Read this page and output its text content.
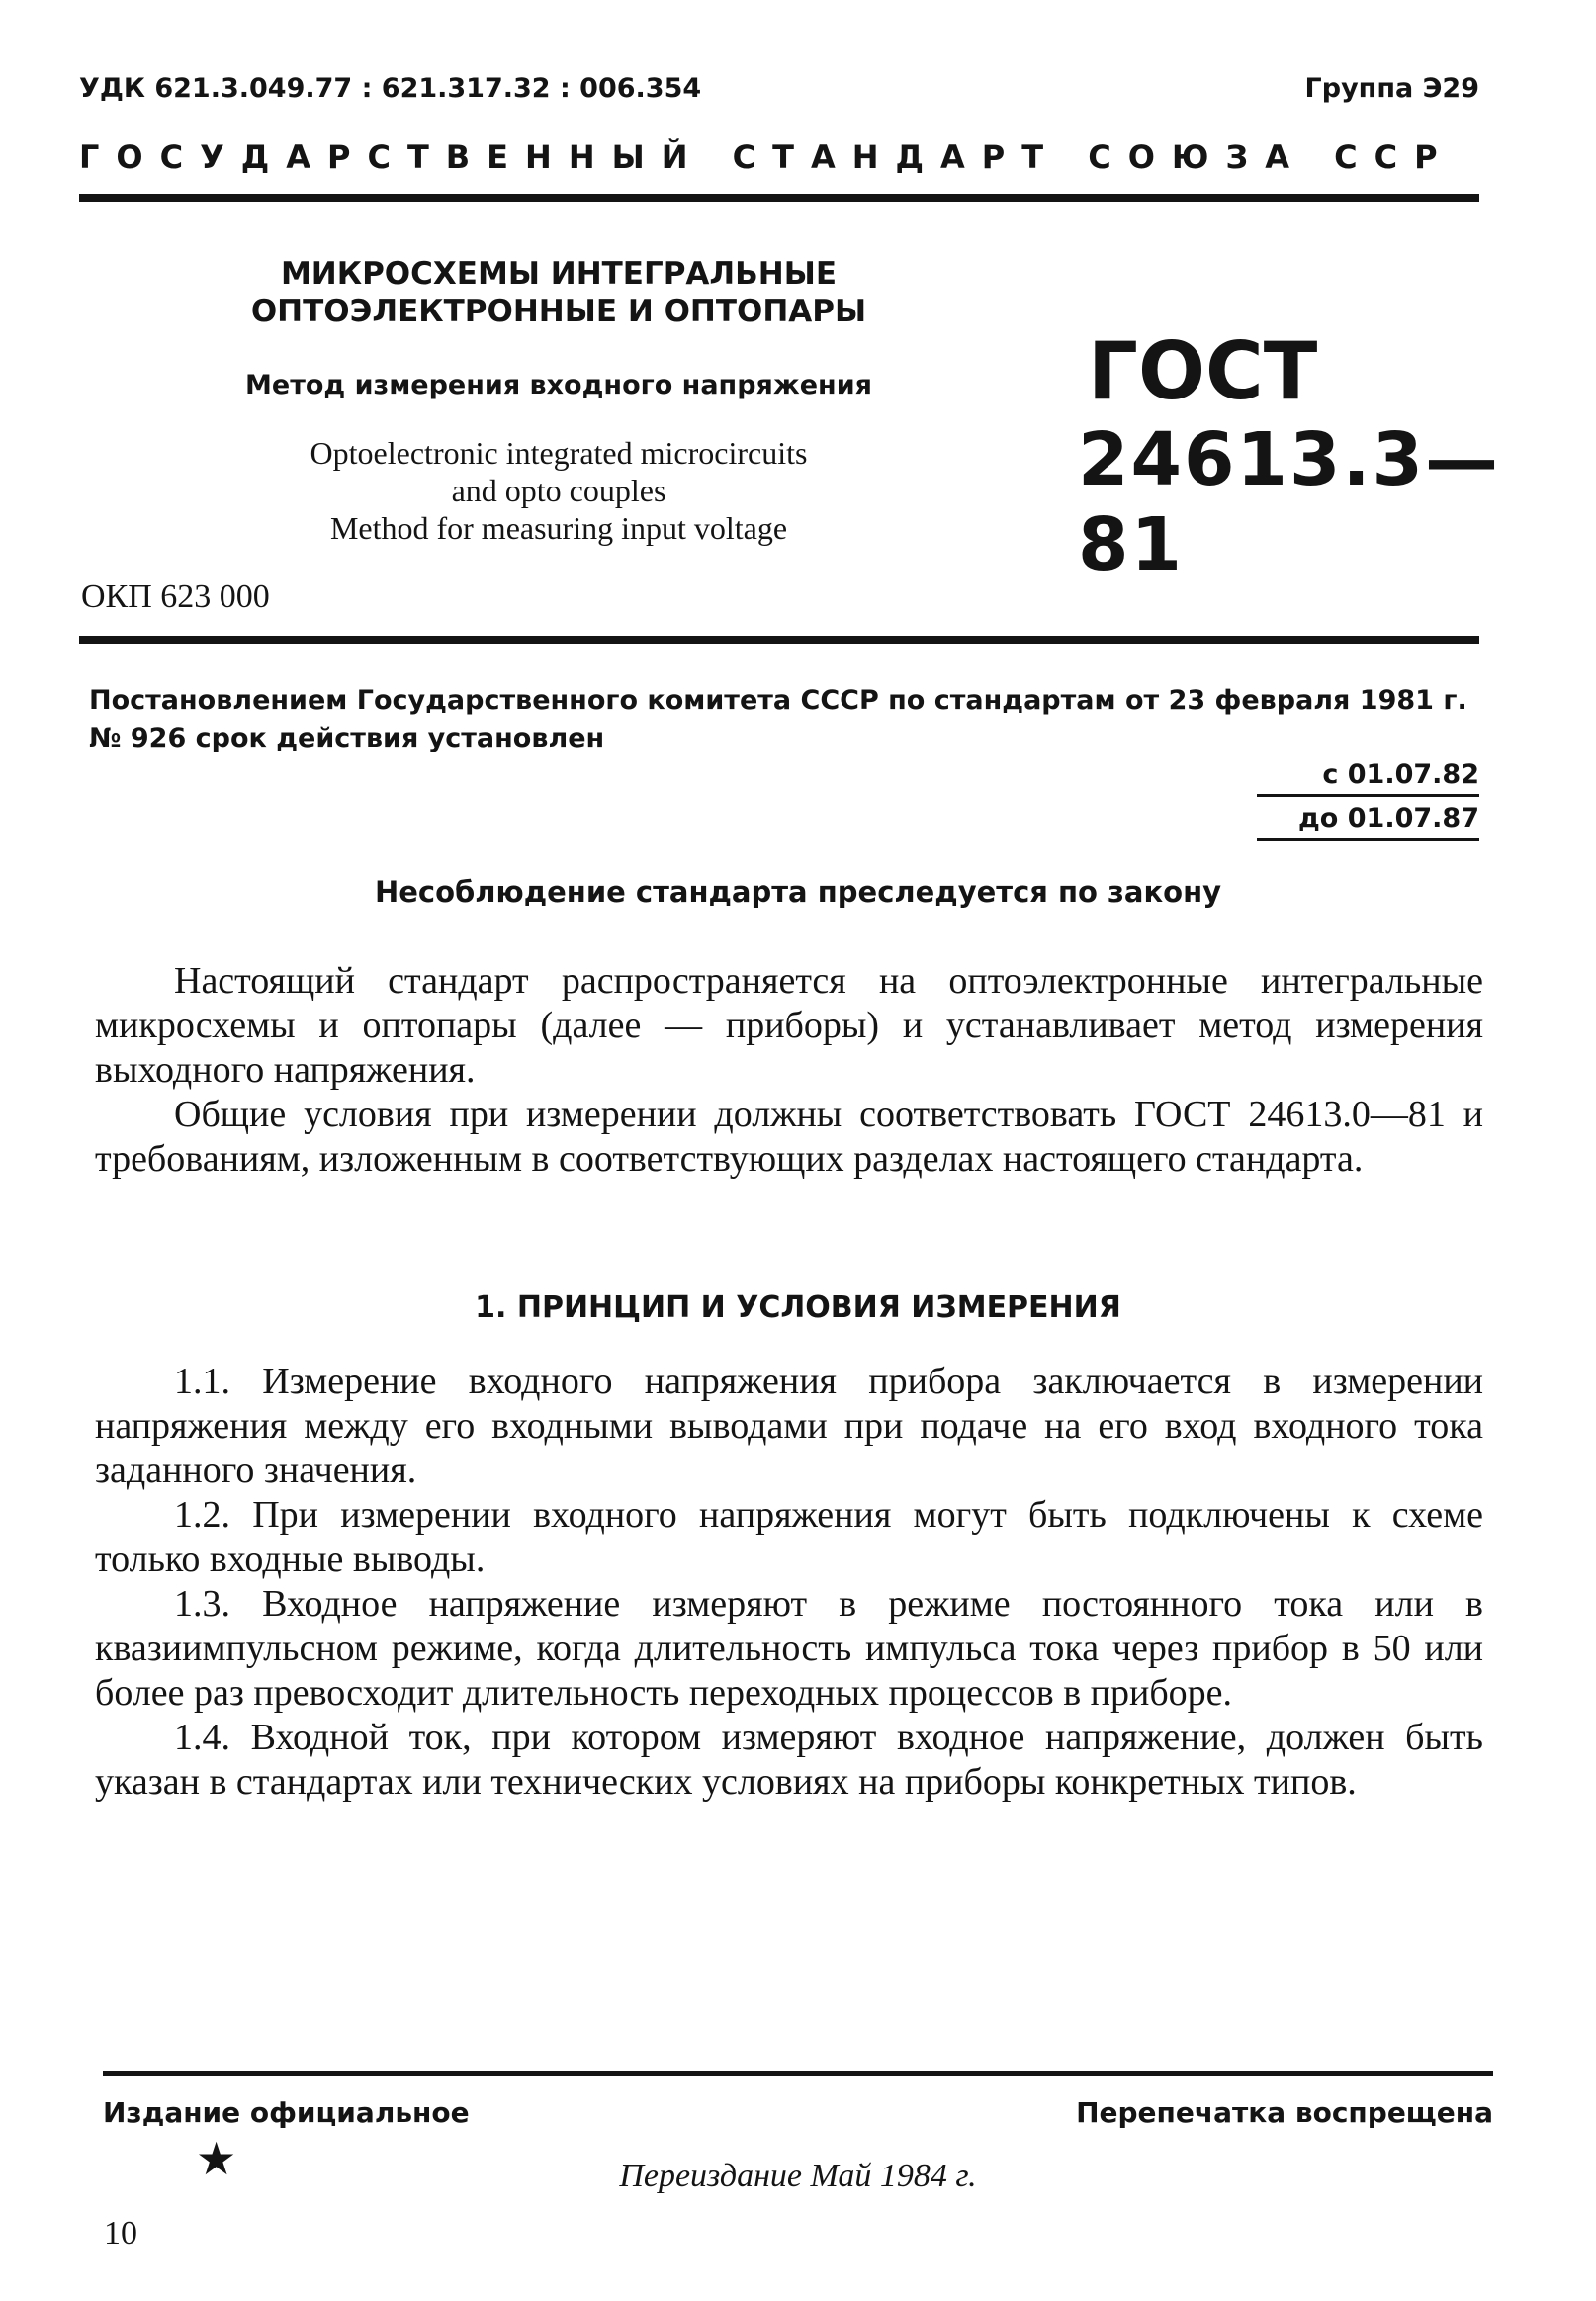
УДК 621.3.049.77 : 621.317.32 : 006.354	Группа Э29
ГОСУДАРСТВЕННЫЙ СТАНДАРТ СОЮЗА ССР
МИКРОСХЕМЫ ИНТЕГРАЛЬНЫЕ
ОПТОЭЛЕКТРОННЫЕ И ОПТОПАРЫ
Метод измерения входного напряжения
Optoelectronic integrated microcircuits
and opto couples
Method for measuring input voltage
ГОСТ
24613.3—81
ОКП 623 000
Постановлением Государственного комитета СССР по стандартам от 23 февраля 1981 г. № 926 срок действия установлен
с 01.07.82
до 01.07.87
Несоблюдение стандарта преследуется по закону

Настоящий стандарт распространяется на оптоэлектронные интегральные микросхемы и оптопары (далее — приборы) и устанавливает метод измерения выходного напряжения.

Общие условия при измерении должны соответствовать ГОСТ 24613.0—81 и требованиям, изложенным в соответствующих разделах настоящего стандарта.

1. ПРИНЦИП И УСЛОВИЯ ИЗМЕРЕНИЯ

1.1. Измерение входного напряжения прибора заключается в измерении напряжения между его входными выводами при подаче на его вход входного тока заданного значения.

1.2. При измерении входного напряжения могут быть подключены к схеме только входные выводы.

1.3. Входное напряжение измеряют в режиме постоянного тока или в квазиимпульсном режиме, когда длительность импульса тока через прибор в 50 или более раз превосходит длительность переходных процессов в приборе.

1.4. Входной ток, при котором измеряют входное напряжение, должен быть указан в стандартах или технических условиях на приборы конкретных типов.

Издание официальное	Перепечатка воспрещена
★	Переиздание Май 1984 г.
10
